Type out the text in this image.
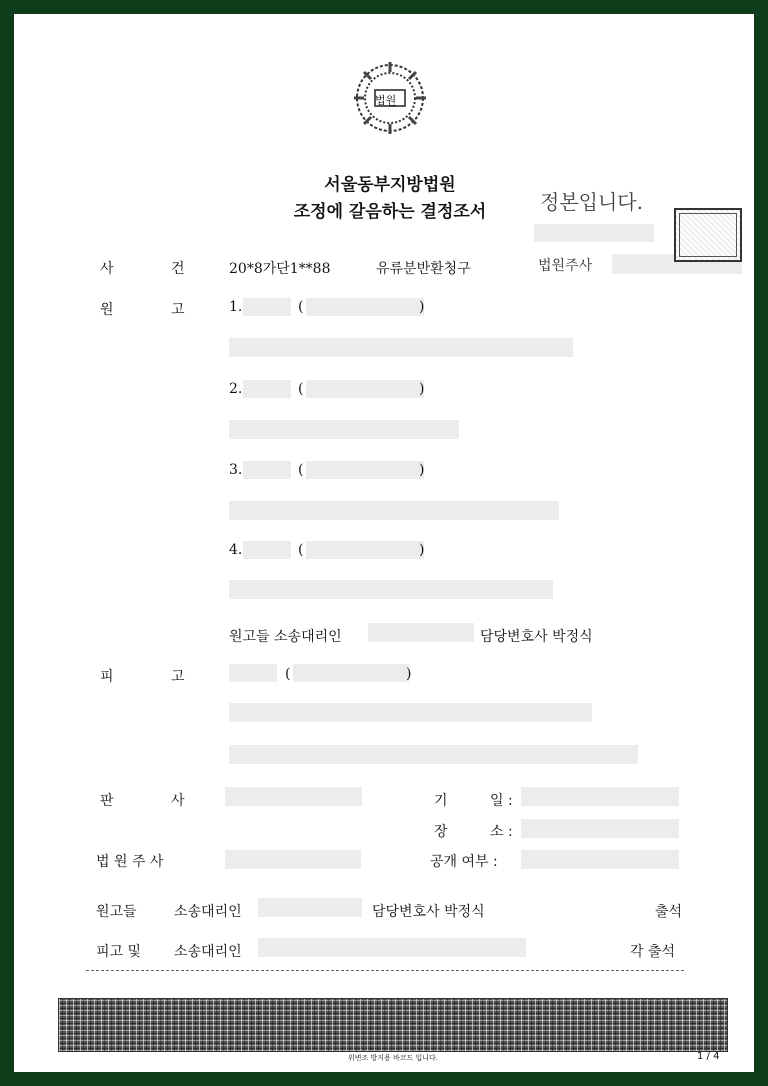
법원
서울동부지방법원
조정에 갈음하는 결정조서	정본입니다.
법원주사
사	건	20*8가단1**88	유류분반환청구
원	고	1.	(	)
2.	(	)
3.	(	)
4.	(	)
원고들 소송대리인	담당변호사 박정식
피	고	(	)
판	사	기	일 :
장	소 :
법 원 주 사	공개 여부 :
원고들	소송대리인	담당변호사 박정식	출석
피고 및 소송대리인	각 출석
위변조 방지용 바코드 입니다.	1 / 4
